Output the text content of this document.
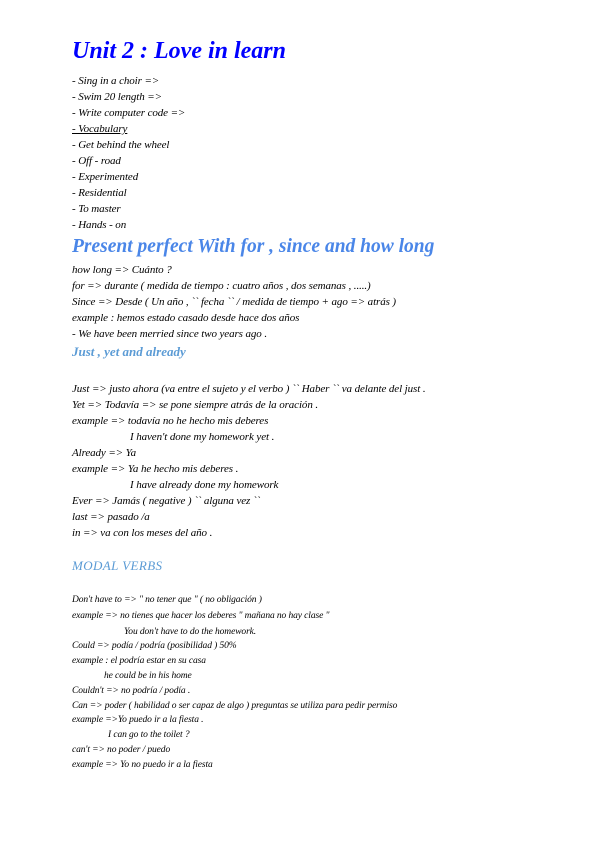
Unit 2 : Love in learn
- Sing in a choir =>
- Swim 20 length =>
- Write computer code =>
- Vocabulary
- Get behind the wheel
- Off - road
- Experimented
- Residential
- To master
- Hands - on
Present perfect With for , since and how long
how long => Cuánto ?
for => durante ( medida de tiempo : cuatro años , dos semanas , .....)
Since => Desde ( Un año , `` fecha `` / medida de tiempo + ago => atrás )
example : hemos estado casado desde hace dos años
- We have been merried since two years ago .
Just , yet and already
Just => justo ahora (va entre el sujeto y el verbo ) `` Haber `` va delante del just .
Yet => Todavía => se pone siempre atrás de la oración .
example => todavía no he hecho mis deberes
I haven't done my homework yet .
Already => Ya
example => Ya he hecho mis deberes .
I have already done my homework
Ever => Jamás ( negative ) `` alguna vez ``
last => pasado /a
in => va con los meses del año .
MODAL VERBS
Don't have to => " no tener que " ( no obligación )
example => no tienes que hacer los deberes " mañana no hay clase "
You don't have to do the homework.
Could => podía / podría (posibilidad ) 50%
example : el podría estar en su casa
he could be in his home
Couldn't => no podría / podía .
Can => poder ( habilidad o ser capaz de algo ) preguntas se utiliza para pedir permiso
example =>Yo puedo ir a la fiesta .
I can go to the toilet ?
can't => no poder / puedo
example => Yo no puedo ir a la fiesta
